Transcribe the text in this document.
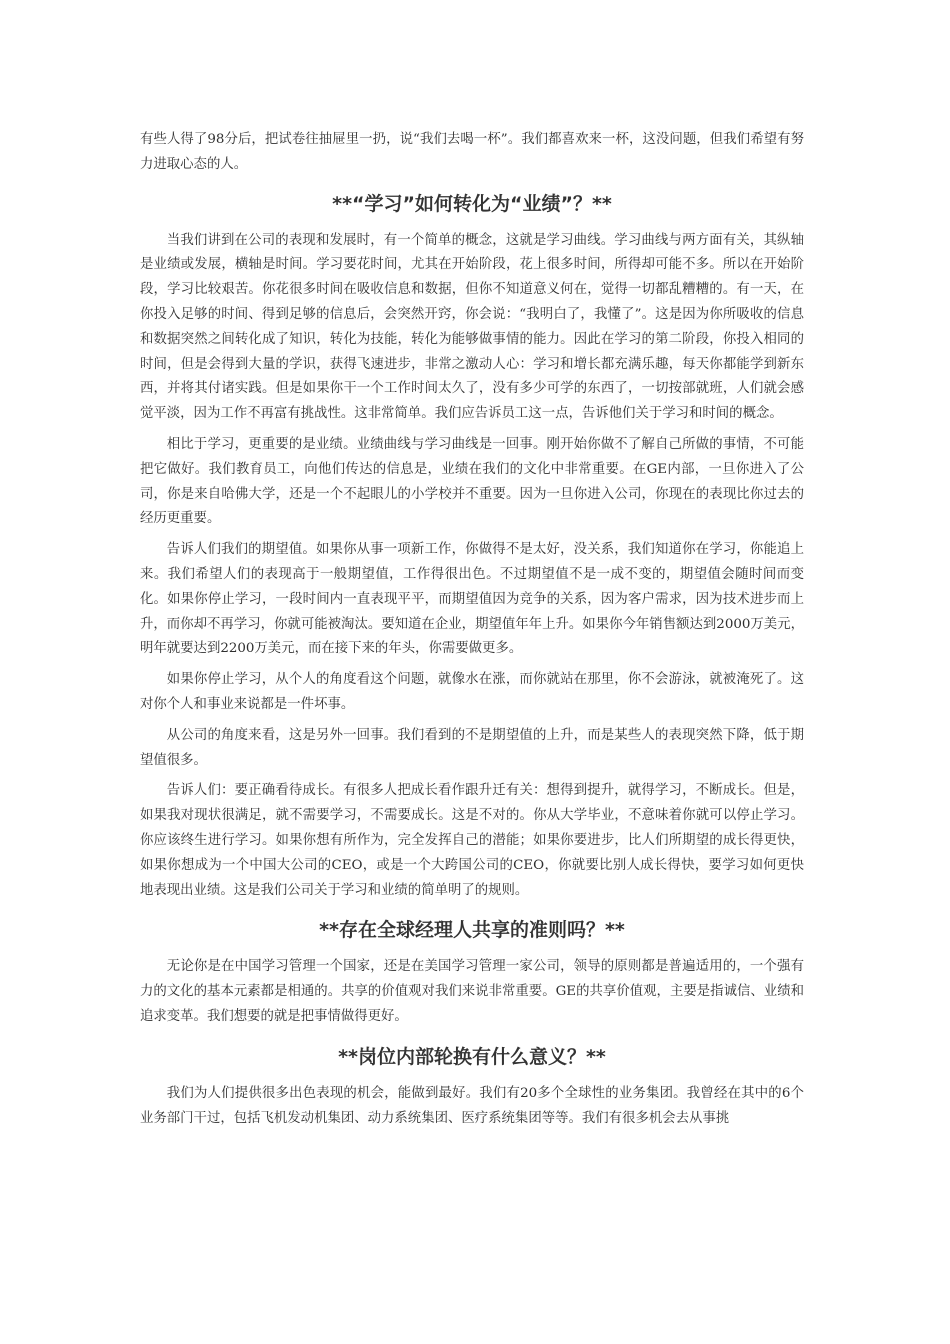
有些人得了98分后，把试卷往抽屉里一扔，说“我们去喝一杯”。我们都喜欢来一杯，这没问题，但我们希望有努力进取心态的人。

**“学习”如何转化为“业绩”？**

当我们讲到在公司的表现和发展时，有一个简单的概念，这就是学习曲线。学习曲线与两方面有关，其纵轴是业绩或发展，横轴是时间。学习要花时间，尤其在开始阶段，花上很多时间，所得却可能不多。所以在开始阶段，学习比较艰苦。你花很多时间在吸收信息和数据，但你不知道意义何在，觉得一切都乱糟糟的。有一天，在你投入足够的时间、得到足够的信息后，会突然开窍，你会说：“我明白了，我懂了”。这是因为你所吸收的信息和数据突然之间转化成了知识，转化为技能，转化为能够做事情的能力。因此在学习的第二阶段，你投入相同的时间，但是会得到大量的学识，获得飞速进步，非常之激动人心：学习和增长都充满乐趣，每天你都能学到新东西，并将其付诸实践。但是如果你干一个工作时间太久了，没有多少可学的东西了，一切按部就班，人们就会感觉平淡，因为工作不再富有挑战性。这非常简单。我们应告诉员工这一点，告诉他们关于学习和时间的概念。

相比于学习，更重要的是业绩。业绩曲线与学习曲线是一回事。刚开始你做不了解自己所做的事情，不可能把它做好。我们教育员工，向他们传达的信息是，业绩在我们的文化中非常重要。在GE内部，一旦你进入了公司，你是来自哈佛大学，还是一个不起眼儿的小学校并不重要。因为一旦你进入公司，你现在的表现比你过去的经历更重要。

告诉人们我们的期望值。如果你从事一项新工作，你做得不是太好，没关系，我们知道你在学习，你能追上来。我们希望人们的表现高于一般期望值，工作得很出色。不过期望值不是一成不变的，期望值会随时间而变化。如果你停止学习，一段时间内一直表现平平，而期望值因为竞争的关系，因为客户需求，因为技术进步而上升，而你却不再学习，你就可能被淘汰。要知道在企业，期望值年年上升。如果你今年销售额达到2000万美元，明年就要达到2200万美元，而在接下来的年头，你需要做更多。

如果你停止学习，从个人的角度看这个问题，就像水在涨，而你就站在那里，你不会游泳，就被淹死了。这对你个人和事业来说都是一件坏事。

从公司的角度来看，这是另外一回事。我们看到的不是期望值的上升，而是某些人的表现突然下降，低于期望值很多。

告诉人们：要正确看待成长。有很多人把成长看作跟升迁有关：想得到提升，就得学习，不断成长。但是，如果我对现状很满足，就不需要学习，不需要成长。这是不对的。你从大学毕业，不意味着你就可以停止学习。你应该终生进行学习。如果你想有所作为，完全发挥自己的潜能；如果你要进步，比人们所期望的成长得更快，如果你想成为一个中国大公司的CEO，或是一个大跨国公司的CEO，你就要比别人成长得快，要学习如何更快地表现出业绩。这是我们公司关于学习和业绩的简单明了的规则。

**存在全球经理人共享的准则吗？**

无论你是在中国学习管理一个国家，还是在美国学习管理一家公司，领导的原则都是普遍适用的，一个强有力的文化的基本元素都是相通的。共享的价值观对我们来说非常重要。GE的共享价值观，主要是指诚信、业绩和追求变革。我们想要的就是把事情做得更好。

**岗位内部轮换有什么意义？**

我们为人们提供很多出色表现的机会，能做到最好。我们有20多个全球性的业务集团。我曾经在其中的6个业务部门干过，包括飞机发动机集团、动力系统集团、医疗系统集团等等。我们有很多机会去从事挑
